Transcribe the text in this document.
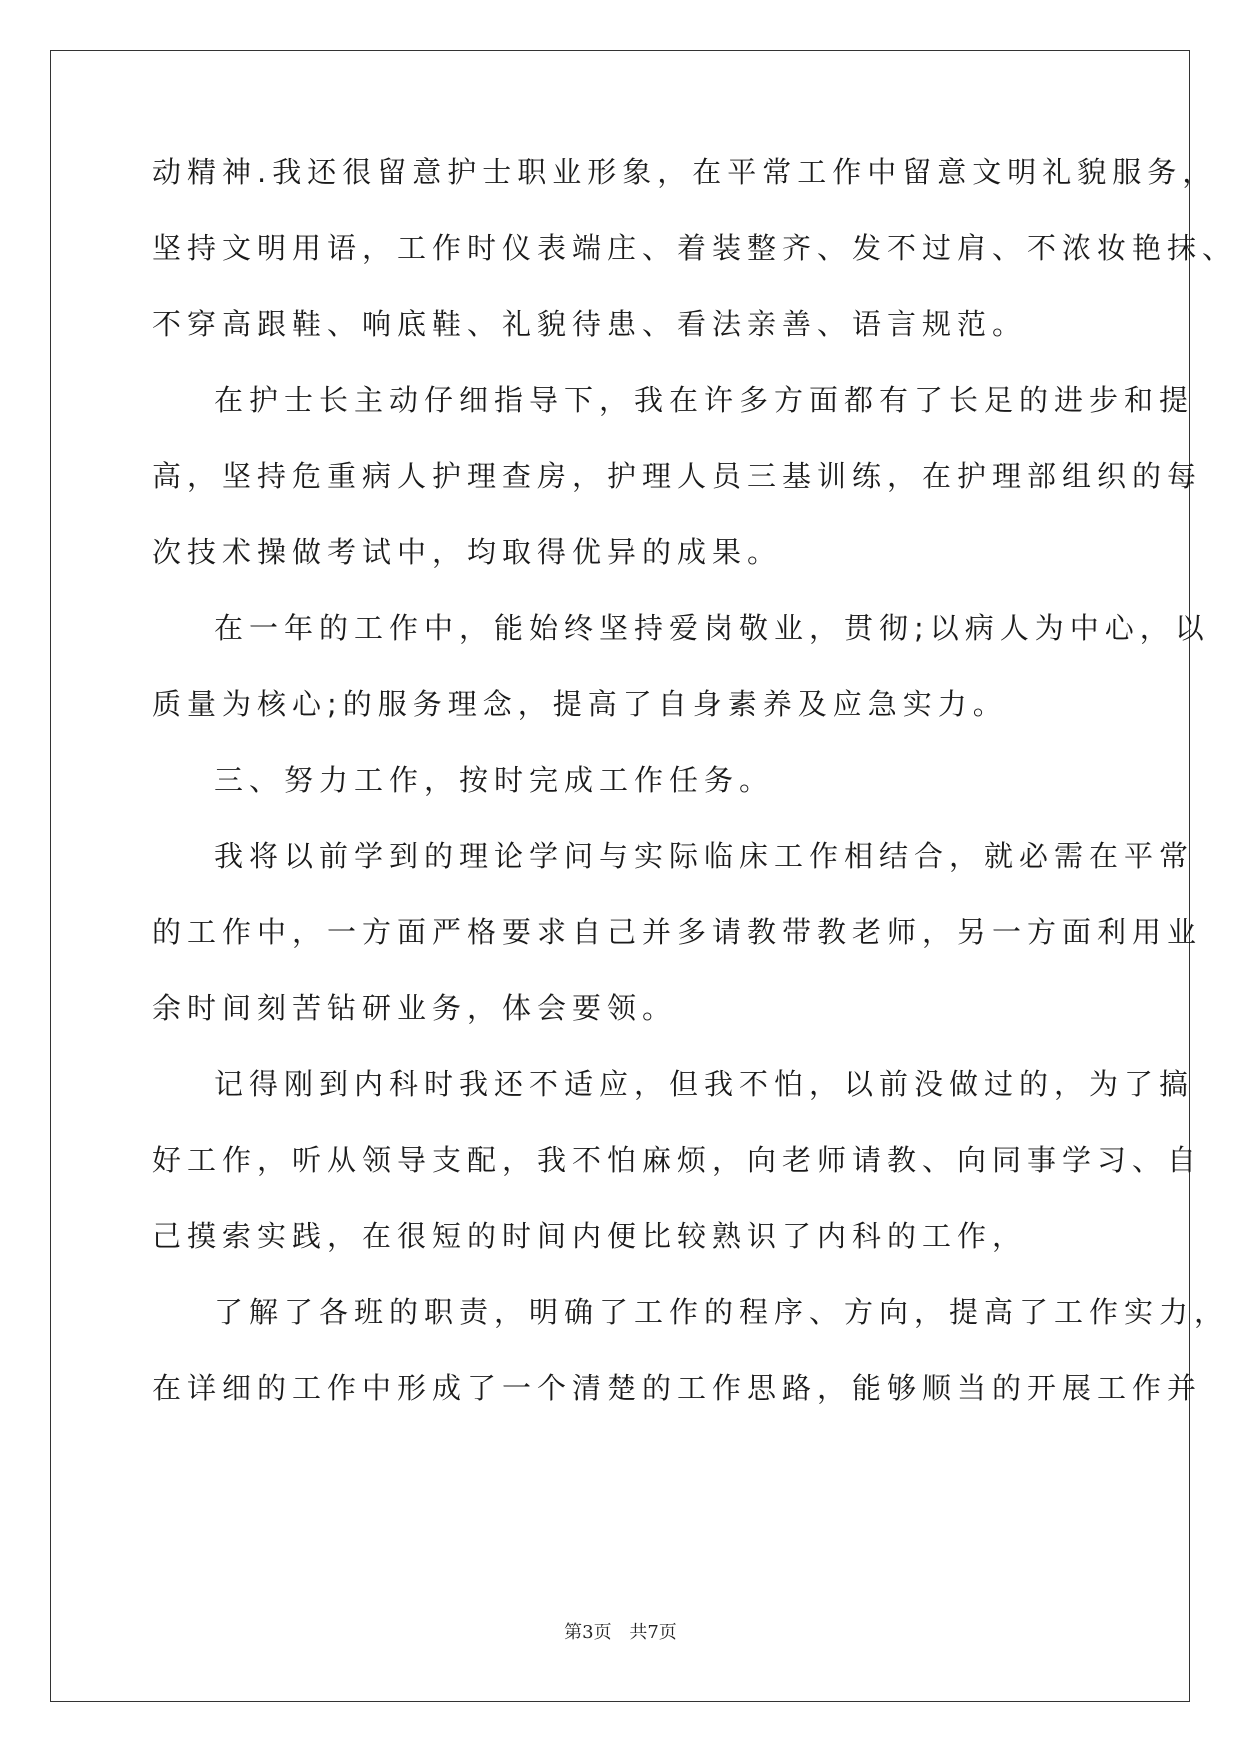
动精神.我还很留意护士职业形象，在平常工作中留意文明礼貌服务，
坚持文明用语，工作时仪表端庄、着装整齐、发不过肩、不浓妆艳抹、
不穿高跟鞋、响底鞋、礼貌待患、看法亲善、语言规范。
在护士长主动仔细指导下，我在许多方面都有了长足的进步和提
高，坚持危重病人护理查房，护理人员三基训练，在护理部组织的每
次技术操做考试中，均取得优异的成果。
在一年的工作中，能始终坚持爱岗敬业，贯彻;以病人为中心，以
质量为核心;的服务理念，提高了自身素养及应急实力。
三、努力工作，按时完成工作任务。
我将以前学到的理论学问与实际临床工作相结合，就必需在平常
的工作中，一方面严格要求自己并多请教带教老师，另一方面利用业
余时间刻苦钻研业务，体会要领。
记得刚到内科时我还不适应，但我不怕，以前没做过的，为了搞
好工作，听从领导支配，我不怕麻烦，向老师请教、向同事学习、自
己摸索实践，在很短的时间内便比较熟识了内科的工作，
了解了各班的职责，明确了工作的程序、方向，提高了工作实力，
在详细的工作中形成了一个清楚的工作思路，能够顺当的开展工作并
第3页 共7页
